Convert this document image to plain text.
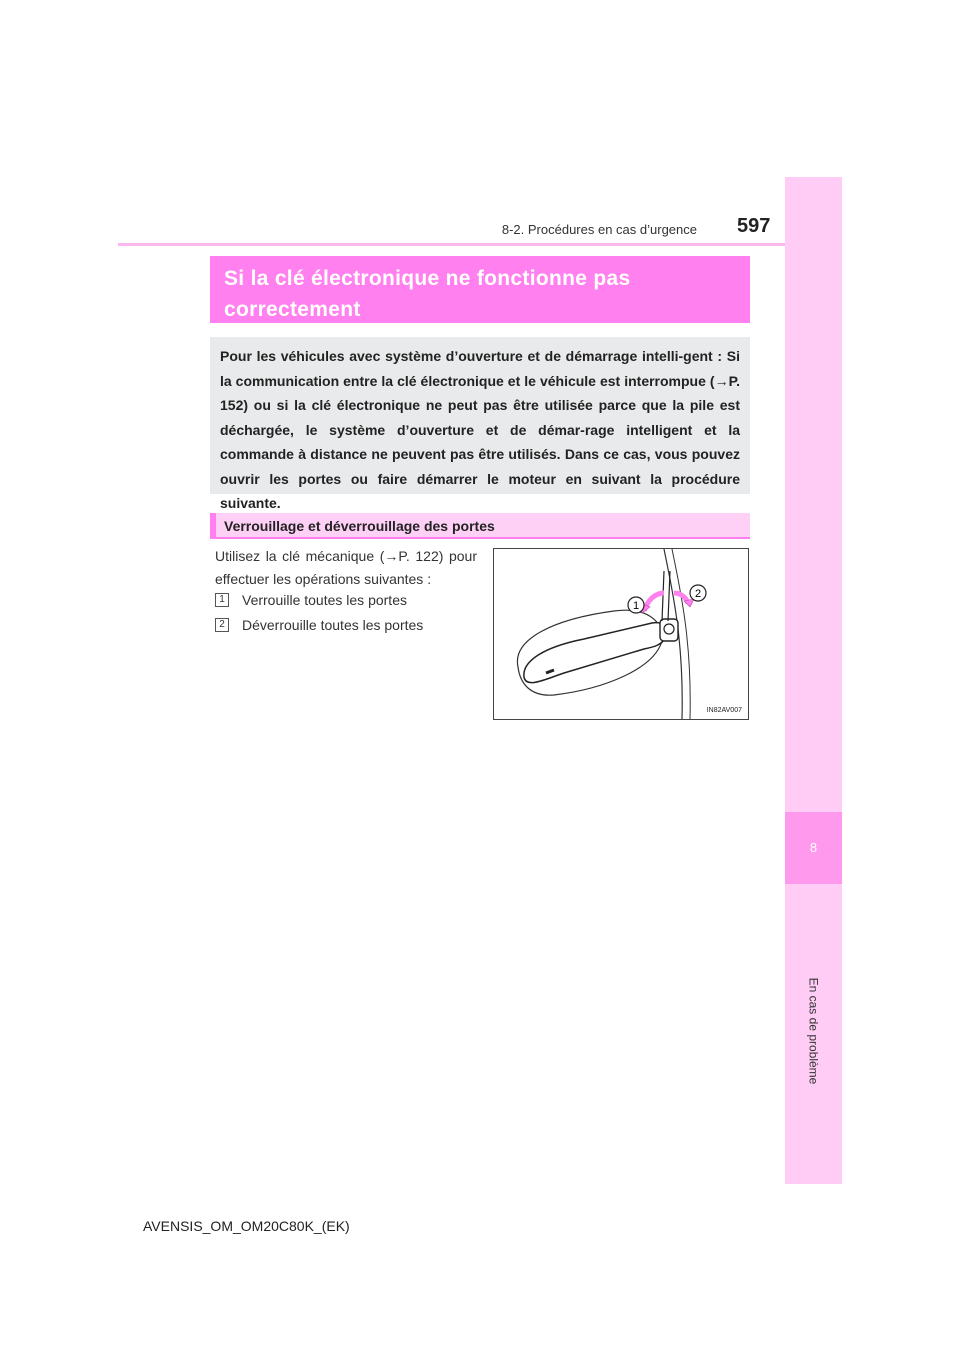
8-2. Procédures en cas d’urgence 597
8
En cas de problème
Si la clé électronique ne fonctionne pas
correctement

Pour les véhicules avec système d’ouverture et de démarrage intelli-gent : Si la communication entre la clé électronique et le véhicule est interrompue (→P. 152) ou si la clé électronique ne peut pas être utilisée parce que la pile est déchargée, le système d’ouverture et de démar-rage intelligent et la commande à distance ne peuvent pas être utilisés. Dans ce cas, vous pouvez ouvrir les portes ou faire démarrer le moteur en suivant la procédure suivante.

Verrouillage et déverrouillage des portes

Utilisez la clé mécanique (→P. 122) pour effectuer les opérations suivantes :

1	Verrouille toutes les portes
2	Déverrouille toutes les portes
1
2
IN82AV007
AVENSIS_OM_OM20C80K_(EK)
